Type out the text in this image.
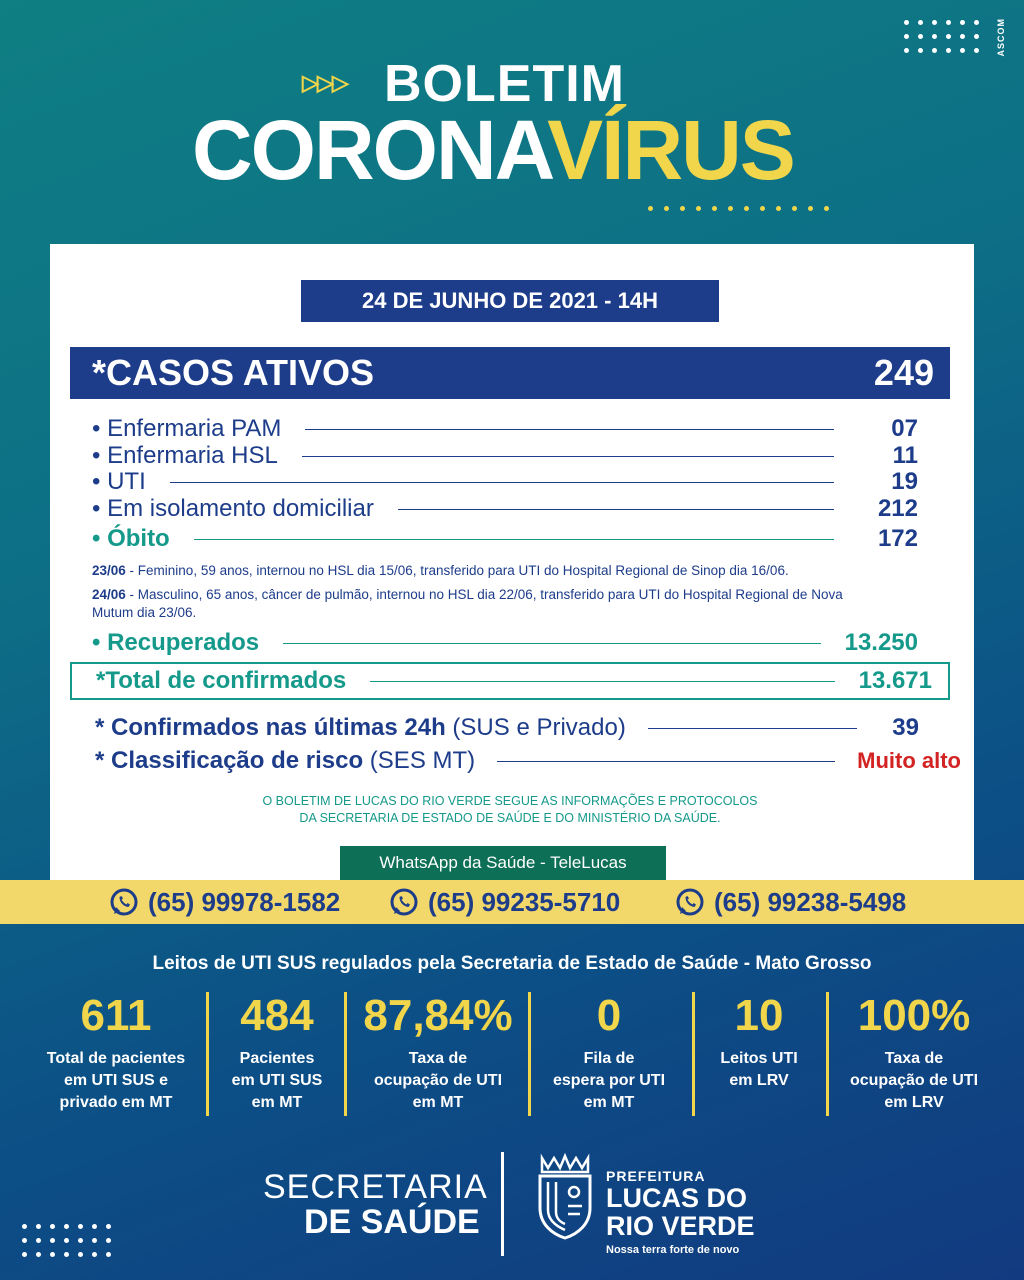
ASCOM
▷▷▷ BOLETIM
CORONAVÍRUS
24 DE JUNHO DE 2021 - 14H
*CASOS ATIVOS	249
• Enfermaria PAM	07
• Enfermaria HSL	11
• UTI	19
• Em isolamento domiciliar	212
• Óbito	172
23/06 - Feminino, 59 anos, internou no HSL dia 15/06, transferido para UTI do Hospital Regional de Sinop dia 16/06.
24/06 - Masculino, 65 anos, câncer de pulmão, internou no HSL dia 22/06, transferido para UTI do Hospital Regional de Nova Mutum dia 23/06.
• Recuperados	13.250
*Total de confirmados	13.671
* Confirmados nas últimas 24h (SUS e Privado)	39
* Classificação de risco (SES MT)	Muito alto
O BOLETIM DE LUCAS DO RIO VERDE SEGUE AS INFORMAÇÕES E PROTOCOLOS
DA SECRETARIA DE ESTADO DE SAÚDE E DO MINISTÉRIO DA SAÚDE.
WhatsApp da Saúde - TeleLucas
(65) 99978-1582	(65) 99235-5710	(65) 99238-5498
Leitos de UTI SUS regulados pela Secretaria de Estado de Saúde - Mato Grosso
611
Total de pacientes
em UTI SUS e
privado em MT
484
Pacientes
em UTI SUS
em MT
87,84%
Taxa de
ocupação de UTI
em MT
0
Fila de
espera por UTI
em MT
10
Leitos UTI
em LRV
100%
Taxa de
ocupação de UTI
em LRV
SECRETARIA
DE SAÚDE
PREFEITURA
LUCAS DO
RIO VERDE
Nossa terra forte de novo
